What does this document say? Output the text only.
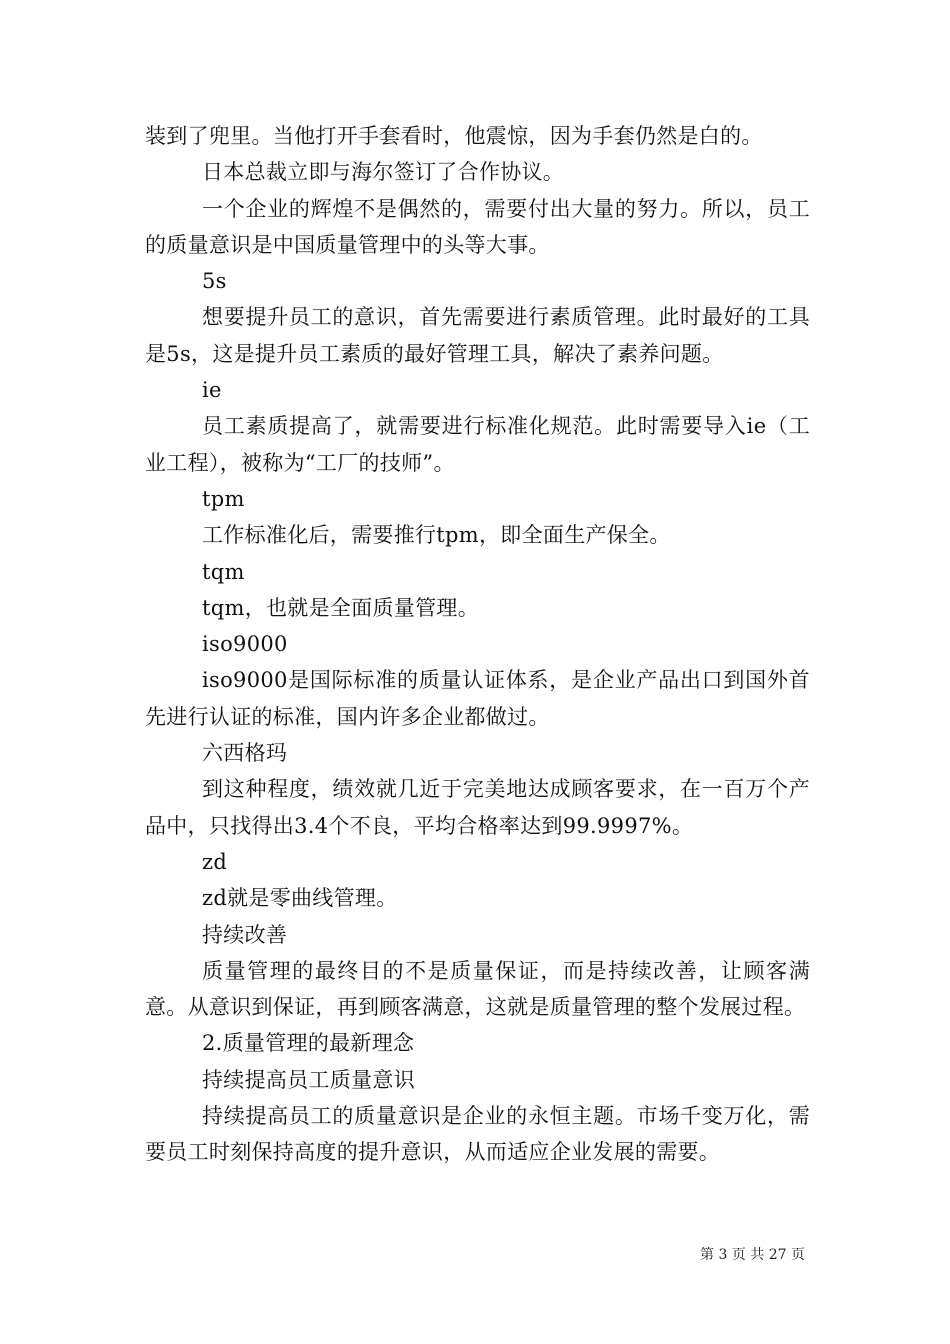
装到了兜里。当他打开手套看时，他震惊，因为手套仍然是白的。

日本总裁立即与海尔签订了合作协议。

一个企业的辉煌不是偶然的，需要付出大量的努力。所以，员工的质量意识是中国质量管理中的头等大事。

5s

想要提升员工的意识，首先需要进行素质管理。此时最好的工具是5s，这是提升员工素质的最好管理工具，解决了素养问题。

ie

员工素质提高了，就需要进行标准化规范。此时需要导入ie（工业工程），被称为“工厂的技师”。

tpm

工作标准化后，需要推行tpm，即全面生产保全。

tqm

tqm，也就是全面质量管理。

iso9000

iso9000是国际标准的质量认证体系，是企业产品出口到国外首先进行认证的标准，国内许多企业都做过。

六西格玛

到这种程度，绩效就几近于完美地达成顾客要求，在一百万个产品中，只找得出3.4个不良，平均合格率达到99.9997%。

zd

zd就是零曲线管理。

持续改善

质量管理的最终目的不是质量保证，而是持续改善，让顾客满意。从意识到保证，再到顾客满意，这就是质量管理的整个发展过程。

2.质量管理的最新理念

持续提高员工质量意识

持续提高员工的质量意识是企业的永恒主题。市场千变万化，需要员工时刻保持高度的提升意识，从而适应企业发展的需要。

第 3 页 共 27 页
